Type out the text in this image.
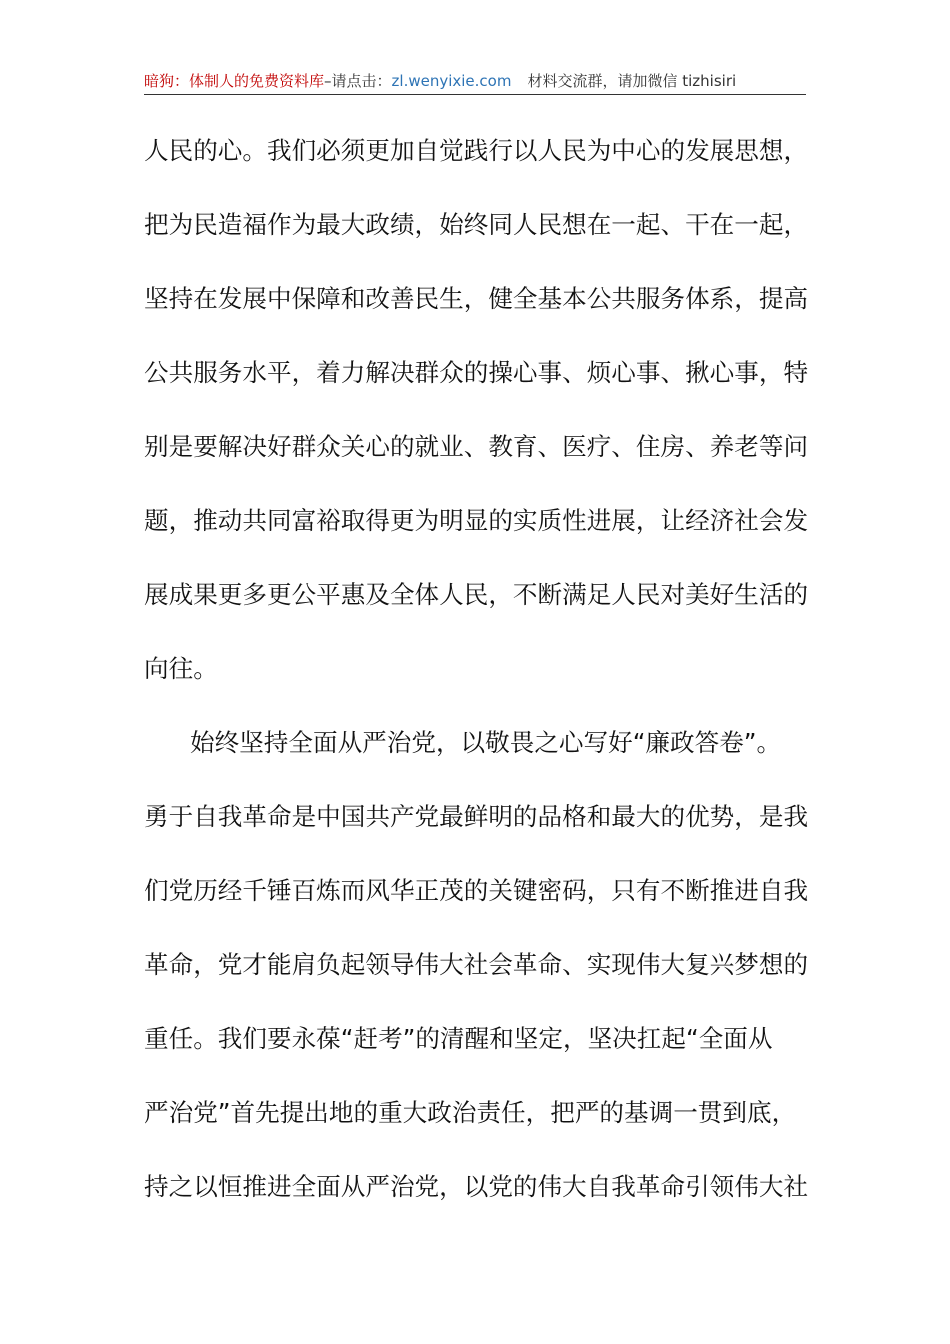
暗狗：体制人的免费资料库–请点击：zl.wenyixie.com 材料交流群，请加微信 tizhisiri
人民的心。我们必须更加自觉践行以人民为中心的发展思想，
把为民造福作为最大政绩，始终同人民想在一起、干在一起，
坚持在发展中保障和改善民生，健全基本公共服务体系，提高
公共服务水平，着力解决群众的操心事、烦心事、揪心事，特
别是要解决好群众关心的就业、教育、医疗、住房、养老等问
题，推动共同富裕取得更为明显的实质性进展，让经济社会发
展成果更多更公平惠及全体人民，不断满足人民对美好生活的
向往。
始终坚持全面从严治党，以敬畏之心写好“廉政答卷”。
勇于自我革命是中国共产党最鲜明的品格和最大的优势，是我
们党历经千锤百炼而风华正茂的关键密码，只有不断推进自我
革命，党才能肩负起领导伟大社会革命、实现伟大复兴梦想的
重任。我们要永葆“赶考”的清醒和坚定，坚决扛起“全面从
严治党”首先提出地的重大政治责任，把严的基调一贯到底，
持之以恒推进全面从严治党，以党的伟大自我革命引领伟大社
